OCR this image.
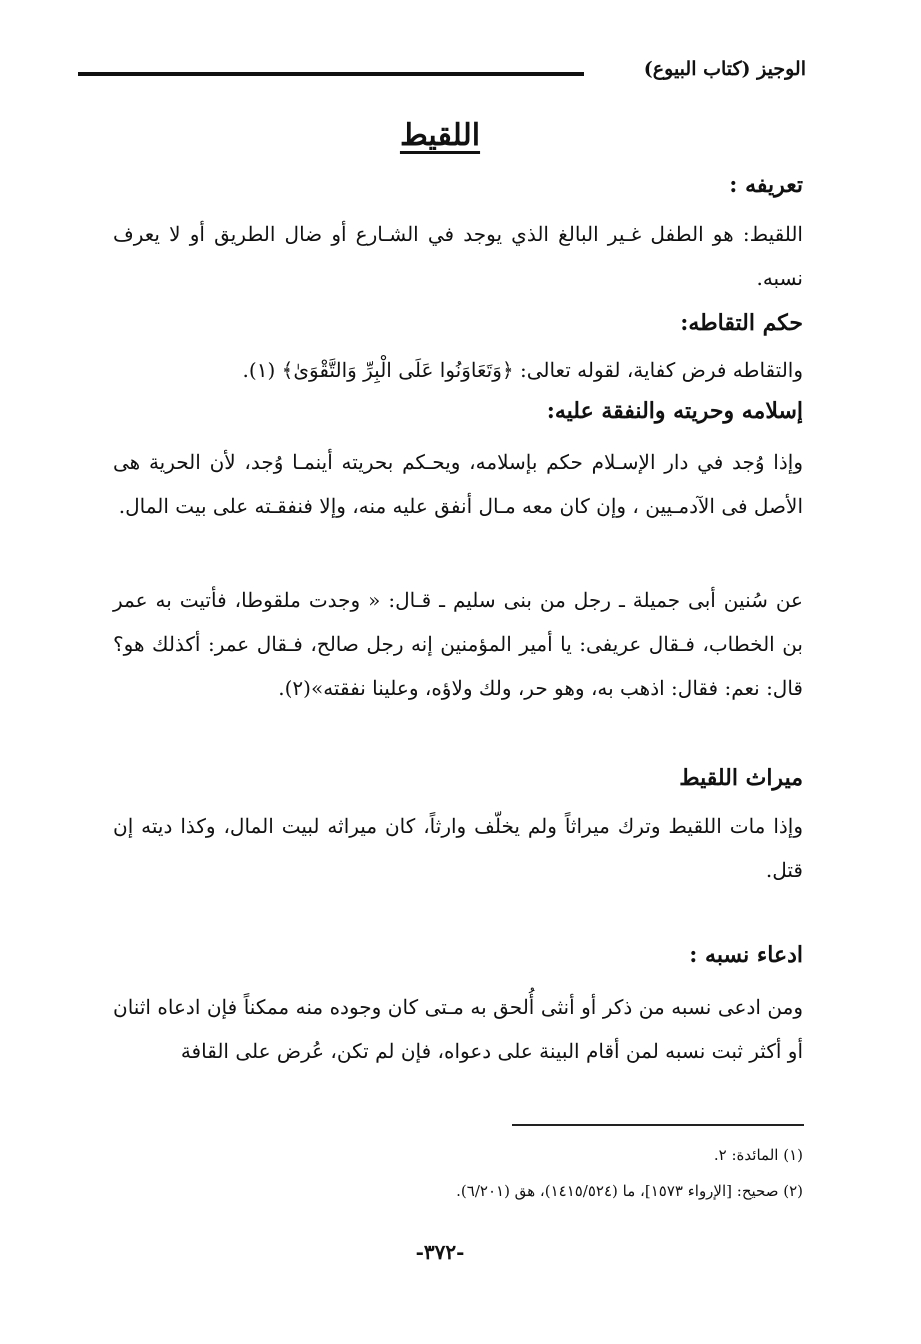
الوجيز (كتاب البيوع)
اللقيط
تعريفه :
اللقيط: هو الطفل غـير البالغ الذي يوجد في الشـارع أو ضال الطريق أو لا يعرف نسبه.
حكم التقاطه:
والتقاطه فرض كفاية، لقوله تعالى: ﴿وَتَعَاوَنُوا عَلَى الْبِرِّ وَالتَّقْوَىٰ﴾ (١).
إسلامه وحريته والنفقة عليه:
وإذا وُجد في دار الإسـلام حكم بإسلامه، ويحـكم بحريته أينمـا وُجد، لأن الحرية هى الأصل فى الآدمـيين ، وإن كان معه مـال أنفق عليه منه، وإلا فنفقـته على بيت المال.
عن سُنين أبى جميلة ـ رجل من بنى سليم ـ قـال: « وجدت ملقوطا، فأتيت به عمر بن الخطاب، فـقال عريفى: يا أمير المؤمنين إنه رجل صالح، فـقال عمر: أكذلك هو؟ قال: نعم: فقال: اذهب به، وهو حر، ولك ولاؤه، وعلينا نفقته»(٢).
ميراث اللقيط
وإذا مات اللقيط وترك ميراثاً ولم يخلّف وارثاً، كان ميراثه لبيت المال، وكذا ديته إن قتل.
ادعاء نسبه :
ومن ادعى نسبه من ذكر أو أنثى أُلحق به مـتى كان وجوده منه ممكناً فإن ادعاه اثنان أو أكثر ثبت نسبه لمن أقام البينة على دعواه، فإن لم تكن، عُرض على القافة
(١) المائدة: ٢.
(٢) صحيح: [الإرواء ١٥٧٣]، ما (١٤١٥/٥٢٤)، هق (٦/٢٠١).
-٣٧٢-
